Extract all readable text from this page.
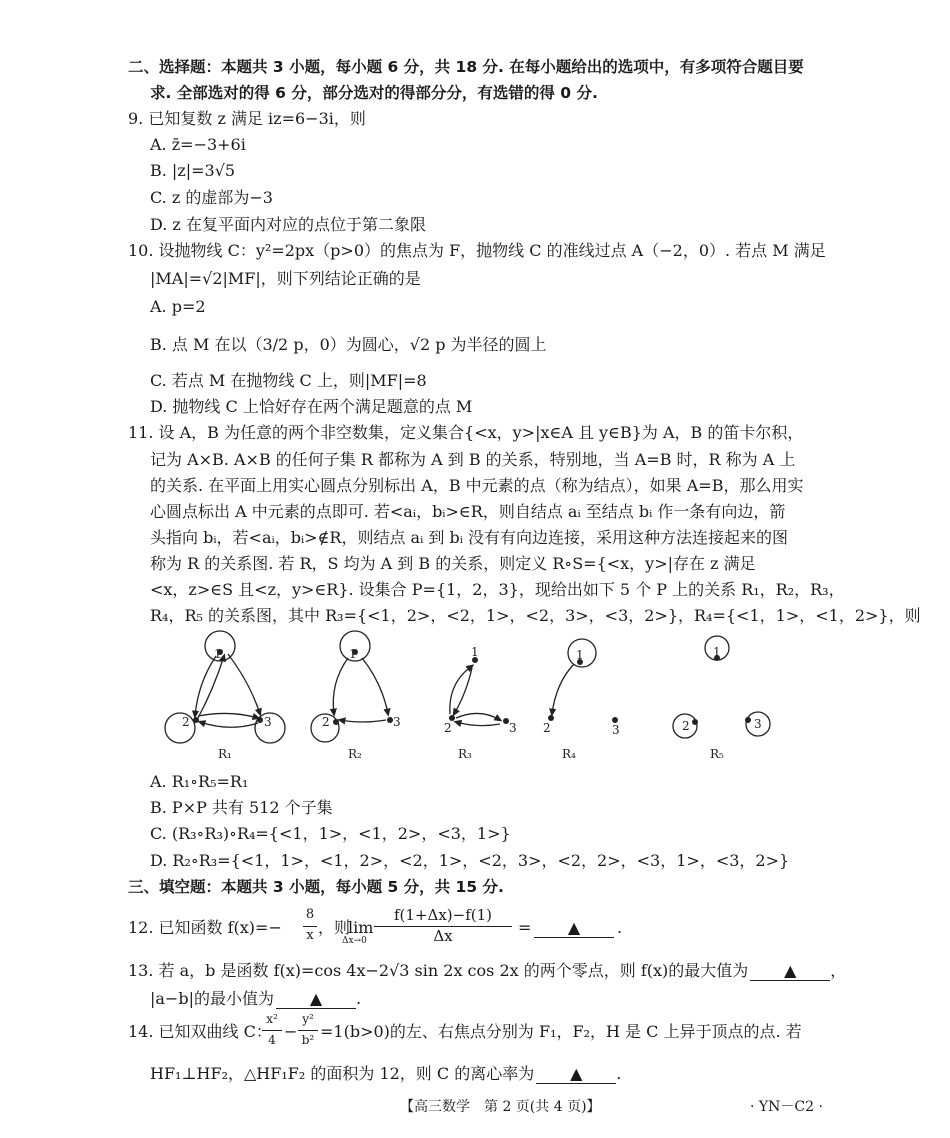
二、选择题：本题共 3 小题，每小题 6 分，共 18 分. 在每小题给出的选项中，有多项符合题目要
求. 全部选对的得 6 分，部分选对的得部分分，有选错的得 0 分.
9. 已知复数 z 满足 iz=6−3i，则
A. z̄=−3+6i
B. |z|=3√5
C. z 的虚部为−3
D. z 在复平面内对应的点位于第二象限
10. 设抛物线 C：y²=2px（p>0）的焦点为 F，抛物线 C 的准线过点 A（−2，0）. 若点 M 满足
|MA|=√2|MF|，则下列结论正确的是
A. p=2
B. 点 M 在以（3/2 p，0）为圆心，√2 p 为半径的圆上
C. 若点 M 在抛物线 C 上，则|MF|=8
D. 抛物线 C 上恰好存在两个满足题意的点 M
11. 设 A，B 为任意的两个非空数集，定义集合{<x，y>|x∈A 且 y∈B}为 A，B 的笛卡尔积，
记为 A×B. A×B 的任何子集 R 都称为 A 到 B 的关系，特别地，当 A=B 时，R 称为 A 上
的关系. 在平面上用实心圆点分别标出 A，B 中元素的点（称为结点），如果 A=B，那么用实
心圆点标出 A 中元素的点即可. 若<aᵢ，bᵢ>∈R，则自结点 aᵢ 至结点 bᵢ 作一条有向边，箭
头指向 bᵢ，若<aᵢ，bᵢ>∉R，则结点 aᵢ 到 bᵢ 没有有向边连接，采用这种方法连接起来的图
称为 R 的关系图. 若 R，S 均为 A 到 B 的关系，则定义 R∘S={<x，y>|存在 z 满足
<x，z>∈S 且<z，y>∈R}. 设集合 P={1，2，3}，现给出如下 5 个 P 上的关系 R₁，R₂，R₃，
R₄，R₅ 的关系图，其中 R₃={<1，2>，<2，1>，<2，3>，<3，2>}，R₄={<1，1>，<1，2>}，则
1
2	3
1
2	3
1
2	3
1
2	3
1
2	3
R₁	R₂	R₃	R₄	R₅
A. R₁∘R₅=R₁
B. P×P 共有 512 个子集
C. (R₃∘R₃)∘R₄={<1，1>，<1，2>，<3，1>}
D. R₂∘R₃={<1，1>，<1，2>，<2，1>，<2，3>，<2，2>，<3，1>，<3，2>}
三、填空题：本题共 3 小题，每小题 5 分，共 15 分.
12. 已知函数 f(x)=−
8
x ，则
lim
Δx→0
f(1+Δx)−f(1)
Δx	=	▲	.
13. 若 a，b 是函数 f(x)=cos 4x−2√3 sin 2x cos 2x 的两个零点，则 f(x)的最大值为 ▲ ，
|a−b|的最小值为 ▲ .
14. 已知双曲线 C：
x²
4 −
y²
b² =1(b>0)的左、右焦点分别为 F₁，F₂，H 是 C 上异于顶点的点. 若
HF₁⊥HF₂，△HF₁F₂ 的面积为 12，则 C 的离心率为 ▲ .
【高三数学　第 2 页(共 4 页)】	· YN－C2 ·
